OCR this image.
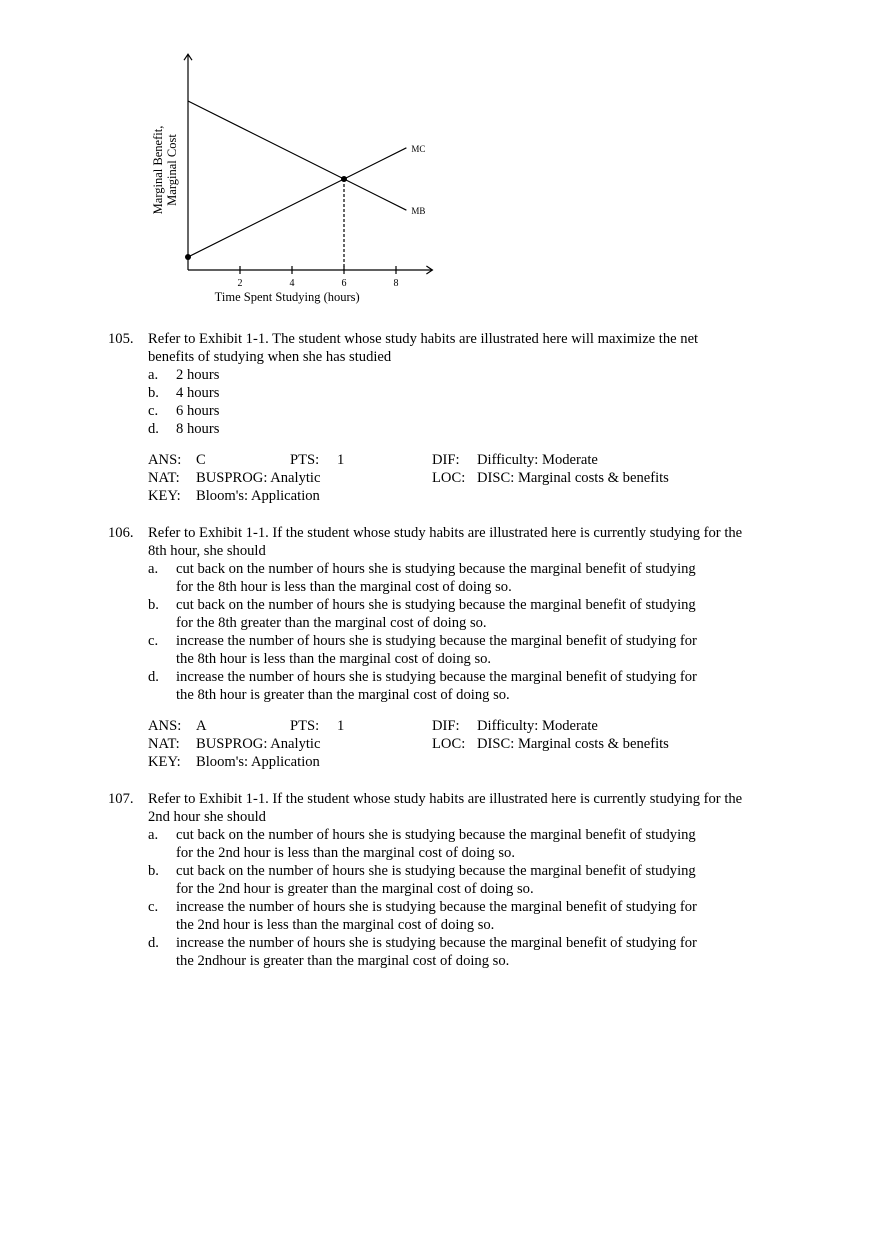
2	4	6	8
Time Spent Studying (hours)
Marginal Benefit, Marginal Cost
MB
MC
105. Refer to Exhibit 1-1. The student whose study habits are illustrated here will maximize the net
benefits of studying when she has studied
a. 2 hours
b. 4 hours
c. 6 hours
d. 8 hours
ANS: C	PTS: 1	DIF: Difficulty: Moderate
NAT: BUSPROG: Analytic	LOC: DISC: Marginal costs & benefits
KEY: Bloom's: Application
106. Refer to Exhibit 1-1. If the student whose study habits are illustrated here is currently studying for the
8th hour, she should
a. cut back on the number of hours she is studying because the marginal benefit of studying
for the 8th hour is less than the marginal cost of doing so.
b. cut back on the number of hours she is studying because the marginal benefit of studying
for the 8th greater than the marginal cost of doing so.
c. increase the number of hours she is studying because the marginal benefit of studying for
the 8th hour is less than the marginal cost of doing so.
d. increase the number of hours she is studying because the marginal benefit of studying for
the 8th hour is greater than the marginal cost of doing so.
ANS: A	PTS: 1	DIF: Difficulty: Moderate
NAT: BUSPROG: Analytic	LOC: DISC: Marginal costs & benefits
KEY: Bloom's: Application
107. Refer to Exhibit 1-1. If the student whose study habits are illustrated here is currently studying for the
2nd hour she should
a. cut back on the number of hours she is studying because the marginal benefit of studying
for the 2nd hour is less than the marginal cost of doing so.
b. cut back on the number of hours she is studying because the marginal benefit of studying
for the 2nd hour is greater than the marginal cost of doing so.
c. increase the number of hours she is studying because the marginal benefit of studying for
the 2nd hour is less than the marginal cost of doing so.
d. increase the number of hours she is studying because the marginal benefit of studying for
the 2ndhour is greater than the marginal cost of doing so.
